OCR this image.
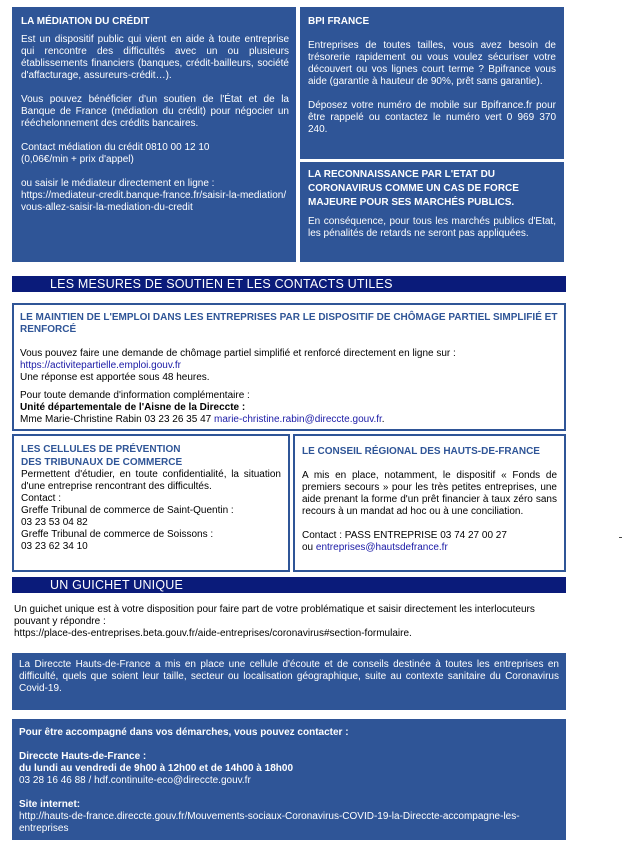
LA MÉDIATION DU CRÉDIT

Est un dispositif public qui vient en aide à toute entreprise qui rencontre des difficultés avec un ou plusieurs établissements financiers (banques, crédit-bailleurs, société d'affacturage, assureurs-crédit…).

Vous pouvez bénéficier d'un soutien de l'État et de la Banque de France (médiation du crédit) pour négocier un rééchelonnement des crédits bancaires.

Contact médiation du crédit 0810 00 12 10

(0,06€/min + prix d'appel)

ou saisir le médiateur directement en ligne :

https://mediateur-credit.banque-france.fr/saisir-la-mediation/vous-allez-saisir-la-mediation-du-credit

BPI FRANCE

Entreprises de toutes tailles, vous avez besoin de trésorerie rapidement ou vous voulez sécuriser votre découvert ou vos lignes court terme ? Bpifrance vous aide (garantie à hauteur de 90%, prêt sans garantie).

Déposez votre numéro de mobile sur Bpifrance.fr pour être rappelé ou contactez le numéro vert 0 969 370 240.

LA RECONNAISSANCE PAR L'ETAT DU CORONAVIRUS COMME UN CAS DE FORCE MAJEURE POUR SES MARCHÉS PUBLICS.

En conséquence, pour tous les marchés publics d'Etat, les pénalités de retards ne seront pas appliquées.

LES MESURES DE SOUTIEN ET LES CONTACTS UTILES

LE MAINTIEN DE L'EMPLOI DANS LES ENTREPRISES PAR LE DISPOSITIF DE CHÔMAGE PARTIEL SIMPLIFIÉ ET RENFORCÉ

Vous pouvez faire une demande de chômage partiel simplifié et renforcé directement en ligne sur :

https://activitepartielle.emploi.gouv.fr

Une réponse est apportée sous 48 heures.

Pour toute demande d'information complémentaire :

Unité départementale de l'Aisne de la Direccte :

Mme Marie-Christine Rabin 03 23 26 35 47 marie-christine.rabin@direccte.gouv.fr.

LES CELLULES DE PRÉVENTION

DES TRIBUNAUX DE COMMERCE

Permettent d'étudier, en toute confidentialité, la situation d'une entreprise rencontrant des difficultés.

Contact :

Greffe Tribunal de commerce de Saint-Quentin :

03 23 53 04 82

Greffe Tribunal de commerce de Soissons :

03 23 62 34 10

LE CONSEIL RÉGIONAL DES HAUTS-DE-FRANCE

A mis en place, notamment, le dispositif « Fonds de premiers secours » pour les très petites entreprises, une aide prenant la forme d'un prêt financier à taux zéro sans recours à un mandat ad hoc ou à une conciliation.

Contact : PASS ENTREPRISE 03 74 27 00 27

ou entreprises@hautsdefrance.fr

UN GUICHET UNIQUE

Un guichet unique est à votre disposition pour faire part de votre problématique et saisir directement les interlocuteurs pouvant y répondre :

https://place-des-entreprises.beta.gouv.fr/aide-entreprises/coronavirus#section-formulaire.

La Direccte Hauts-de-France a mis en place une cellule d'écoute et de conseils destinée à toutes les entreprises en difficulté, quels que soient leur taille, secteur ou localisation géographique, suite au contexte sanitaire du Coronavirus Covid-19.

Pour être accompagné dans vos démarches, vous pouvez contacter :

Direccte Hauts-de-France :

du lundi au vendredi de 9h00 à 12h00 et de 14h00 à 18h00

03 28 16 46 88 / hdf.continuite-eco@direccte.gouv.fr

Site internet:

http://hauts-de-france.direccte.gouv.fr/Mouvements-sociaux-Coronavirus-COVID-19-la-Direccte-accompagne-les-entreprises
